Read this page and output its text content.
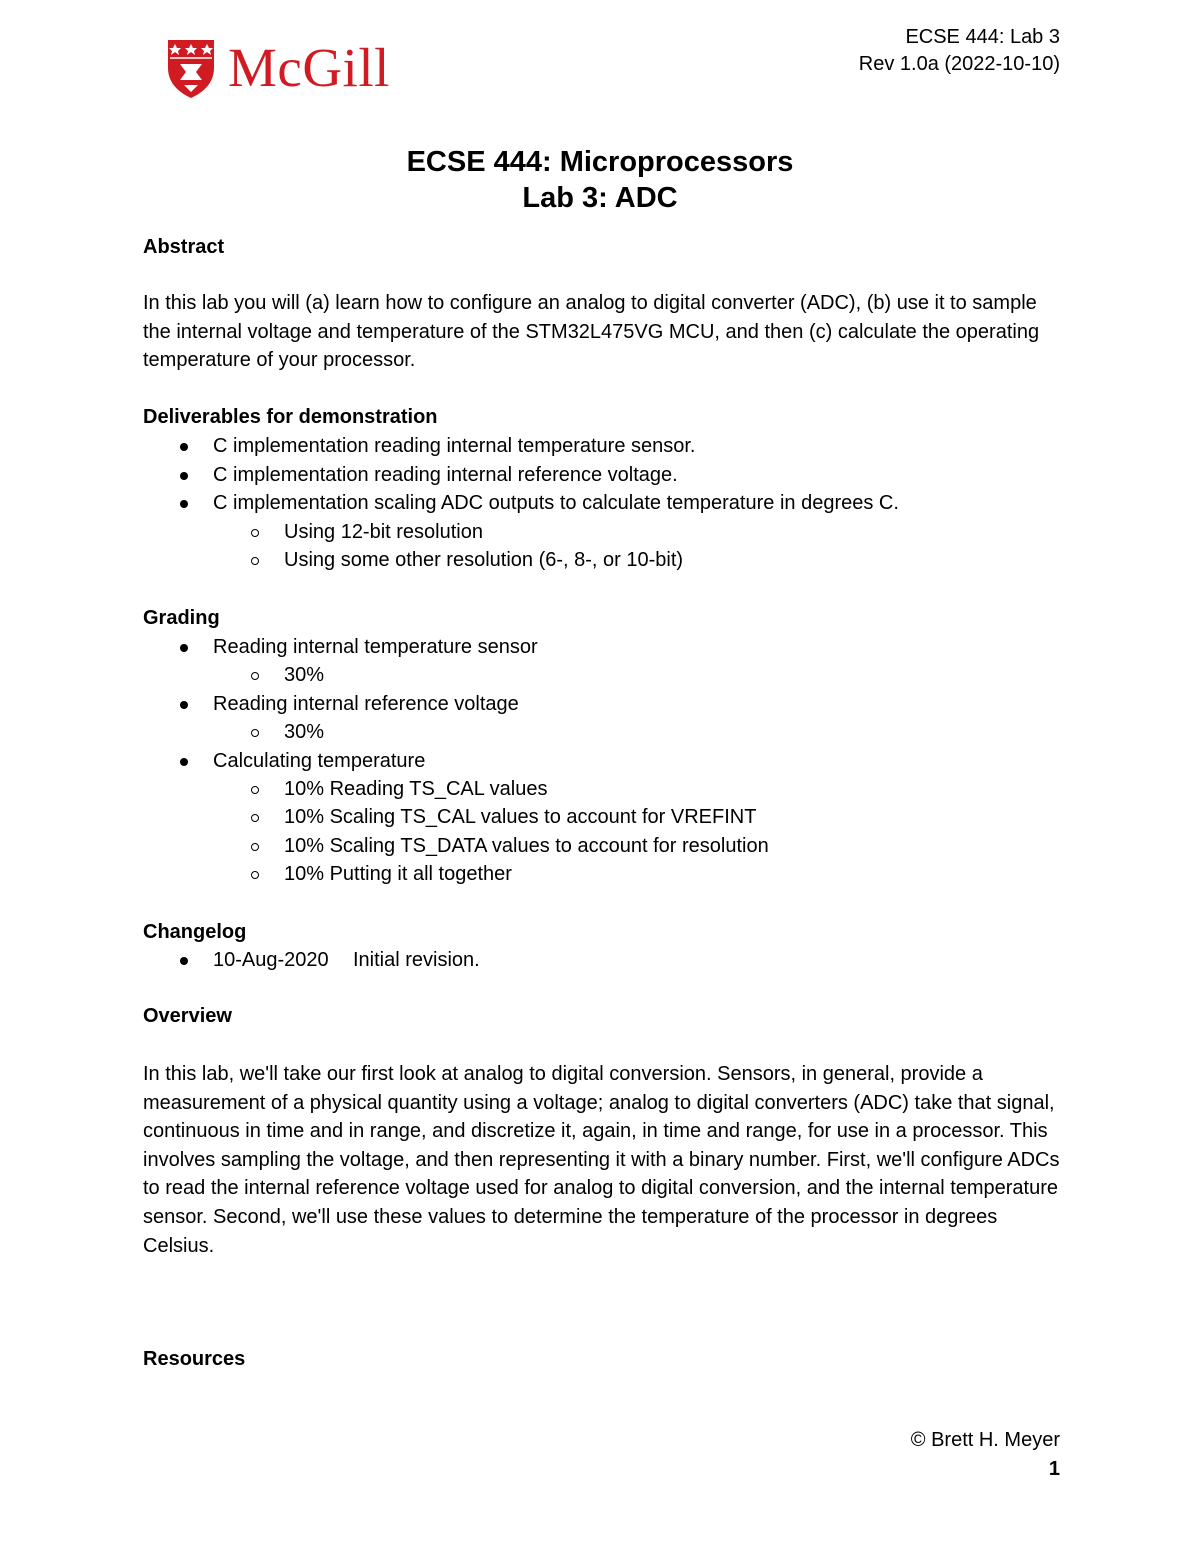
McGill	ECSE 444: Lab 3
Rev 1.0a (2022-10-10)
ECSE 444: Microprocessors
Lab 3: ADC
Abstract
In this lab you will (a) learn how to configure an analog to digital converter (ADC), (b) use it to sample the internal voltage and temperature of the STM32L475VG MCU, and then (c) calculate the operating temperature of your processor.
Deliverables for demonstration
C implementation reading internal temperature sensor.
C implementation reading internal reference voltage.
C implementation scaling ADC outputs to calculate temperature in degrees C.
Using 12-bit resolution
Using some other resolution (6-, 8-, or 10-bit)
Grading
Reading internal temperature sensor
30%
Reading internal reference voltage
30%
Calculating temperature
10% Reading TS_CAL values
10% Scaling TS_CAL values to account for VREFINT
10% Scaling TS_DATA values to account for resolution
10% Putting it all together
Changelog
10-Aug-2020 Initial revision.
Overview
In this lab, we'll take our first look at analog to digital conversion. Sensors, in general, provide a measurement of a physical quantity using a voltage; analog to digital converters (ADC) take that signal, continuous in time and in range, and discretize it, again, in time and range, for use in a processor. This involves sampling the voltage, and then representing it with a binary number. First, we'll configure ADCs to read the internal reference voltage used for analog to digital conversion, and the internal temperature sensor. Second, we'll use these values to determine the temperature of the processor in degrees Celsius.
Resources
© Brett H. Meyer
1
